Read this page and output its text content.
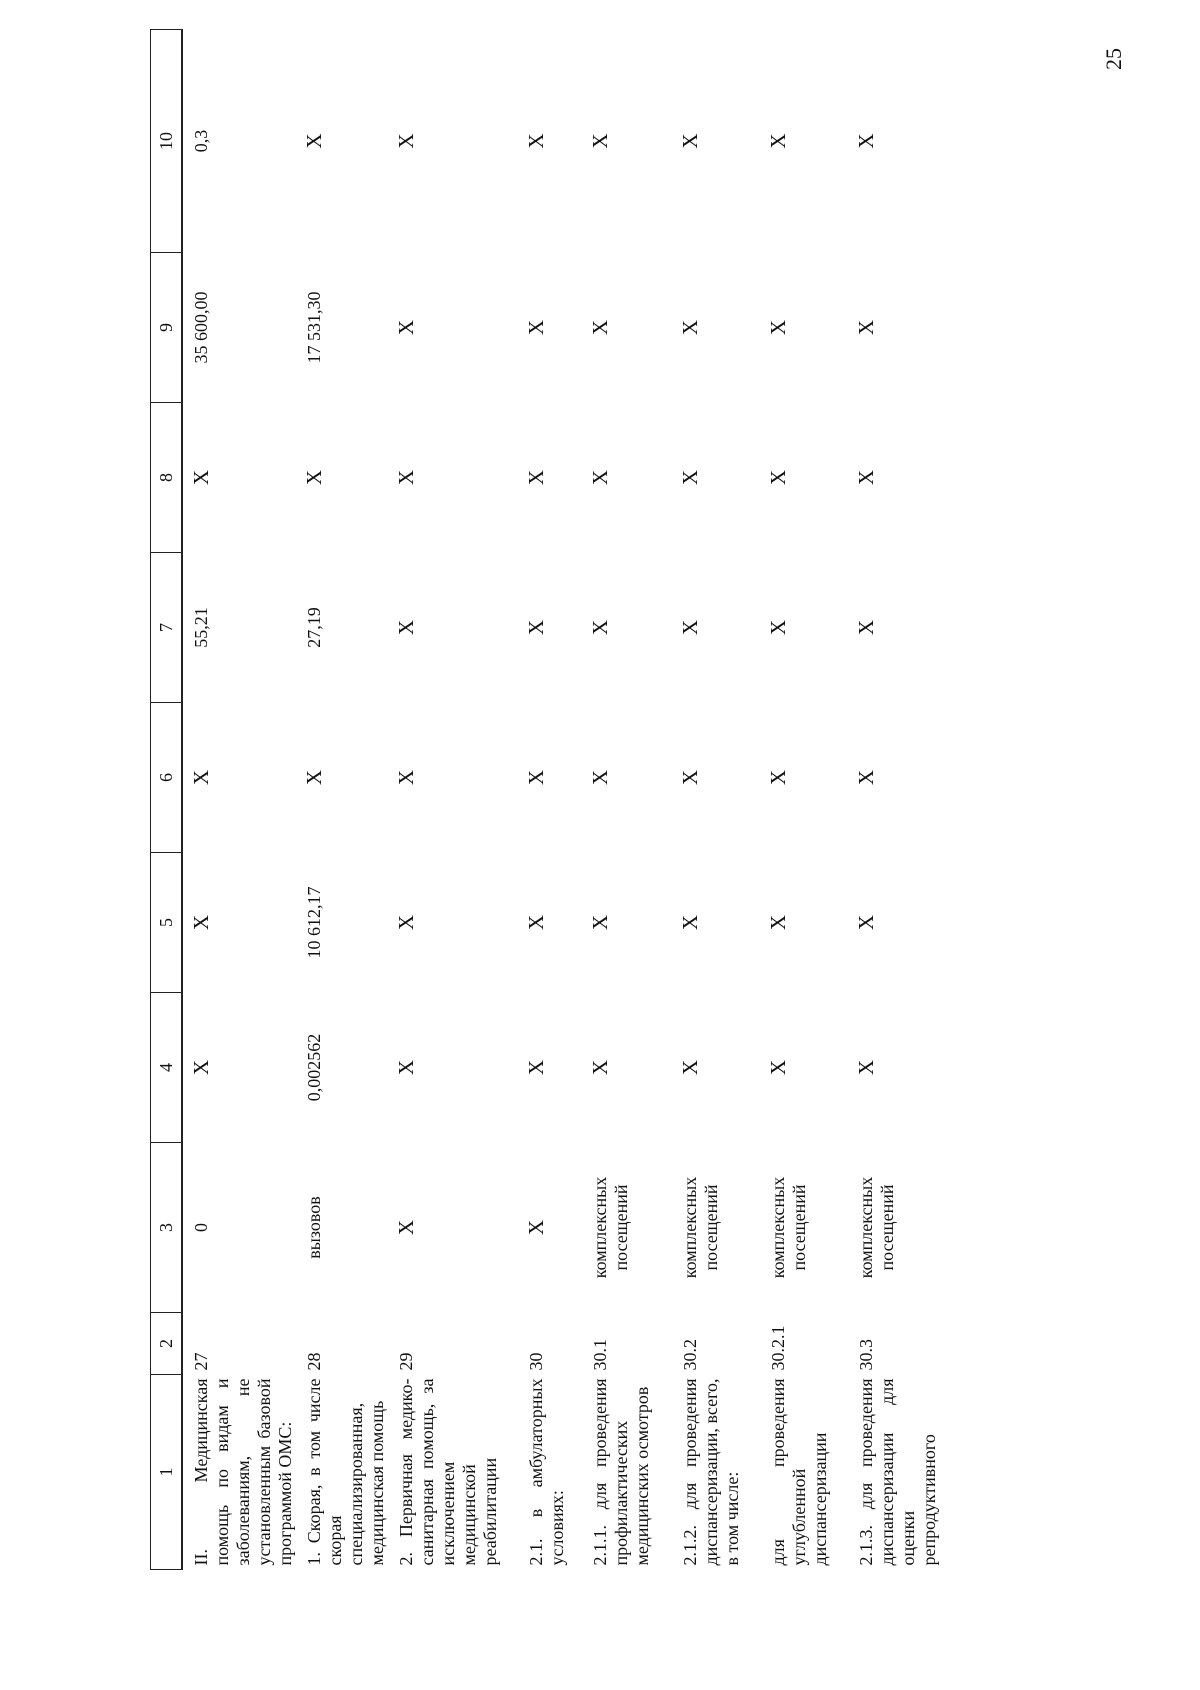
25
1	2	3	4	5	6	7	8	9	10
II. Медицинская помощь по видам и заболеваниям, не установленным базовой программой ОМС:	27	0	Х	Х	Х	55,21	Х	35 600,00	0,3
1. Скорая, в том числе скорая специализированная, медицинская помощь	28	вызовов	0,002562	10 612,17	Х	27,19	Х	17 531,30	Х
2. Первичная медико-санитарная помощь, за исключением медицинской реабилитации	29	Х	Х	Х	Х	Х	Х	Х	Х
2.1. в амбулаторных условиях:	30	Х	Х	Х	Х	Х	Х	Х	Х
2.1.1. для проведения профилактических медицинских осмотров	30.1	комплексных посещений	Х	Х	Х	Х	Х	Х	Х
2.1.2. для проведения диспансеризации, всего, в том числе:	30.2	комплексных посещений	Х	Х	Х	Х	Х	Х	Х
для проведения углубленной диспансеризации	30.2.1	комплексных посещений	Х	Х	Х	Х	Х	Х	Х
2.1.3. для проведения диспансеризации для оценки репродуктивного	30.3	комплексных посещений	Х	Х	Х	Х	Х	Х	Х
